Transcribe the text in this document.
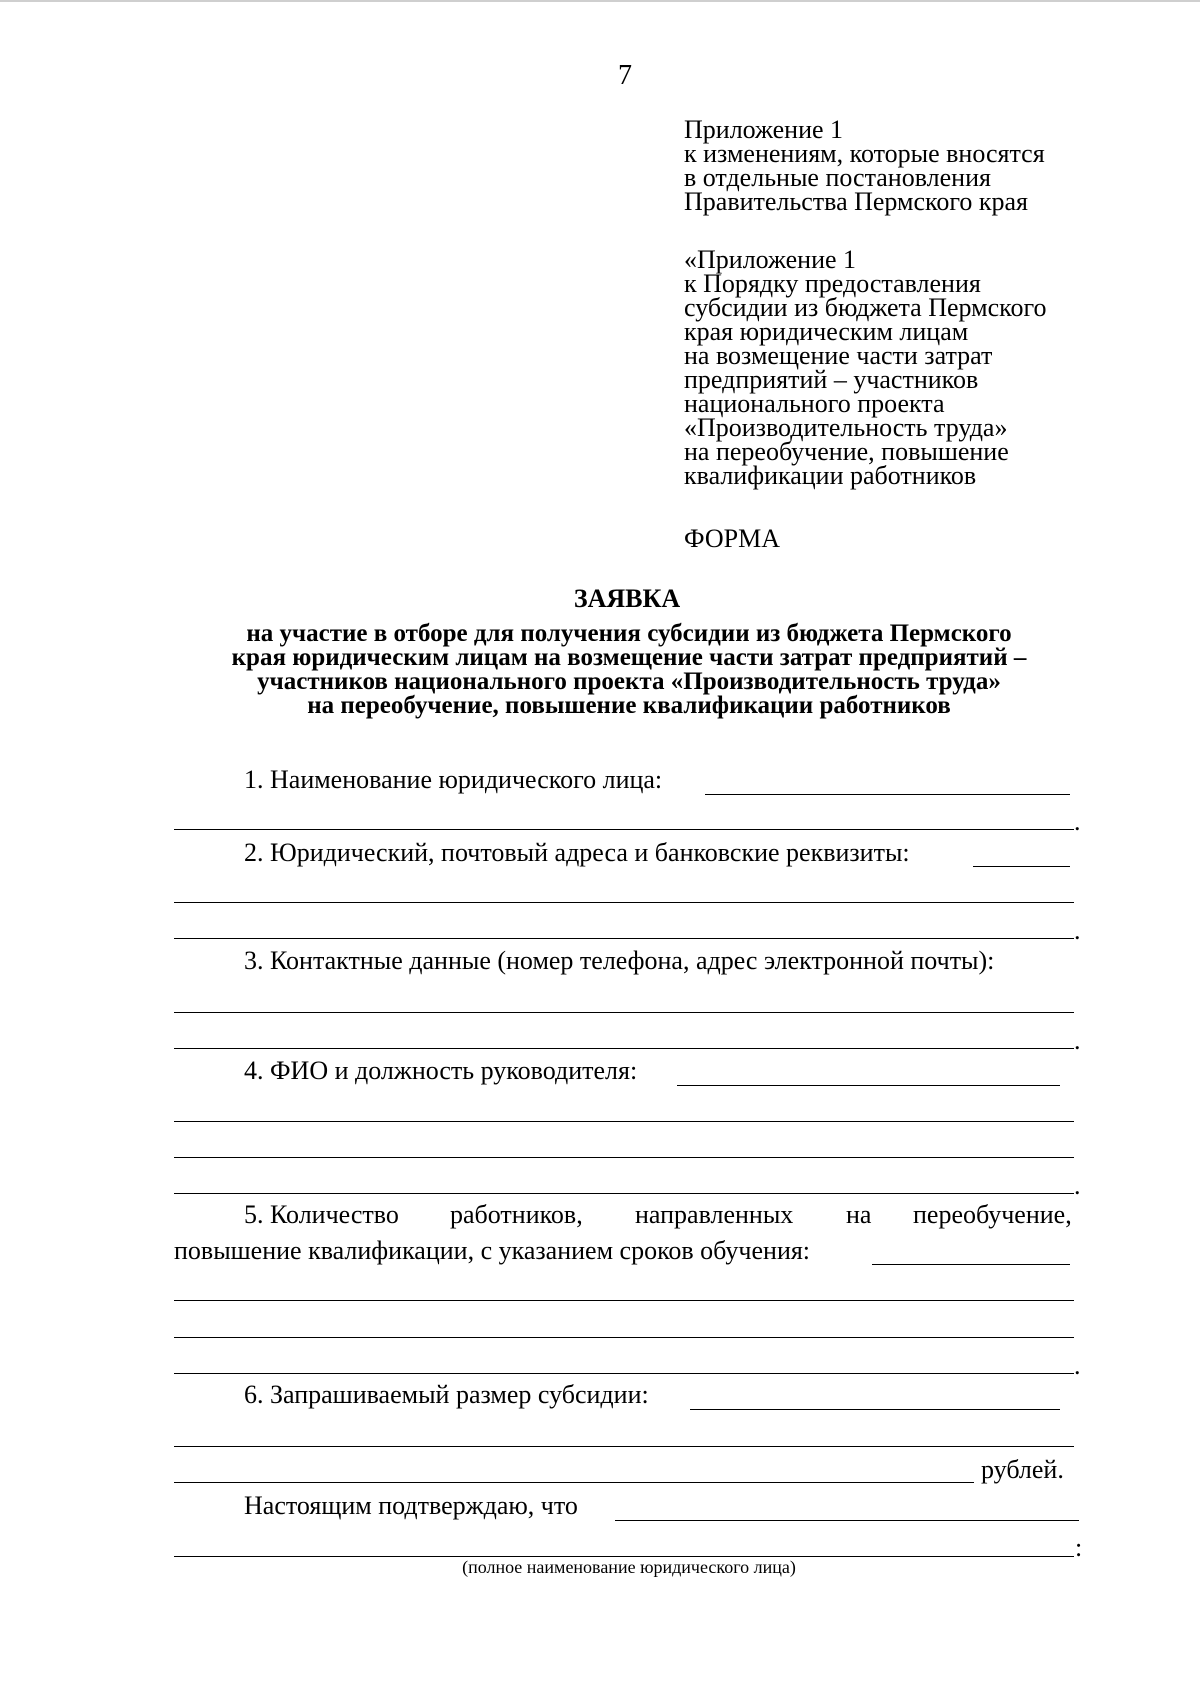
7
Приложение 1
к изменениям, которые вносятся
в отдельные постановления
Правительства Пермского края
«Приложение 1
к Порядку предоставления
субсидии из бюджета Пермского
края юридическим лицам
на возмещение части затрат
предприятий – участников
национального проекта
«Производительность труда»
на переобучение, повышение
квалификации работников
ФОРМА
ЗАЯВКА
на участие в отборе для получения субсидии из бюджета Пермского
края юридическим лицам на возмещение части затрат предприятий –
участников национального проекта «Производительность труда»
на переобучение, повышение квалификации работников
1. Наименование юридического лица:
.
2. Юридический, почтовый адреса и банковские реквизиты:
.
3. Контактные данные (номер телефона, адрес электронной почты):
.
4. ФИО и должность руководителя:
.
5. Количество работников, направленных на переобучение,
повышение квалификации, с указанием сроков обучения:
.
6. Запрашиваемый размер субсидии:
рублей.
Настоящим подтверждаю, что
:
(полное наименование юридического лица)
